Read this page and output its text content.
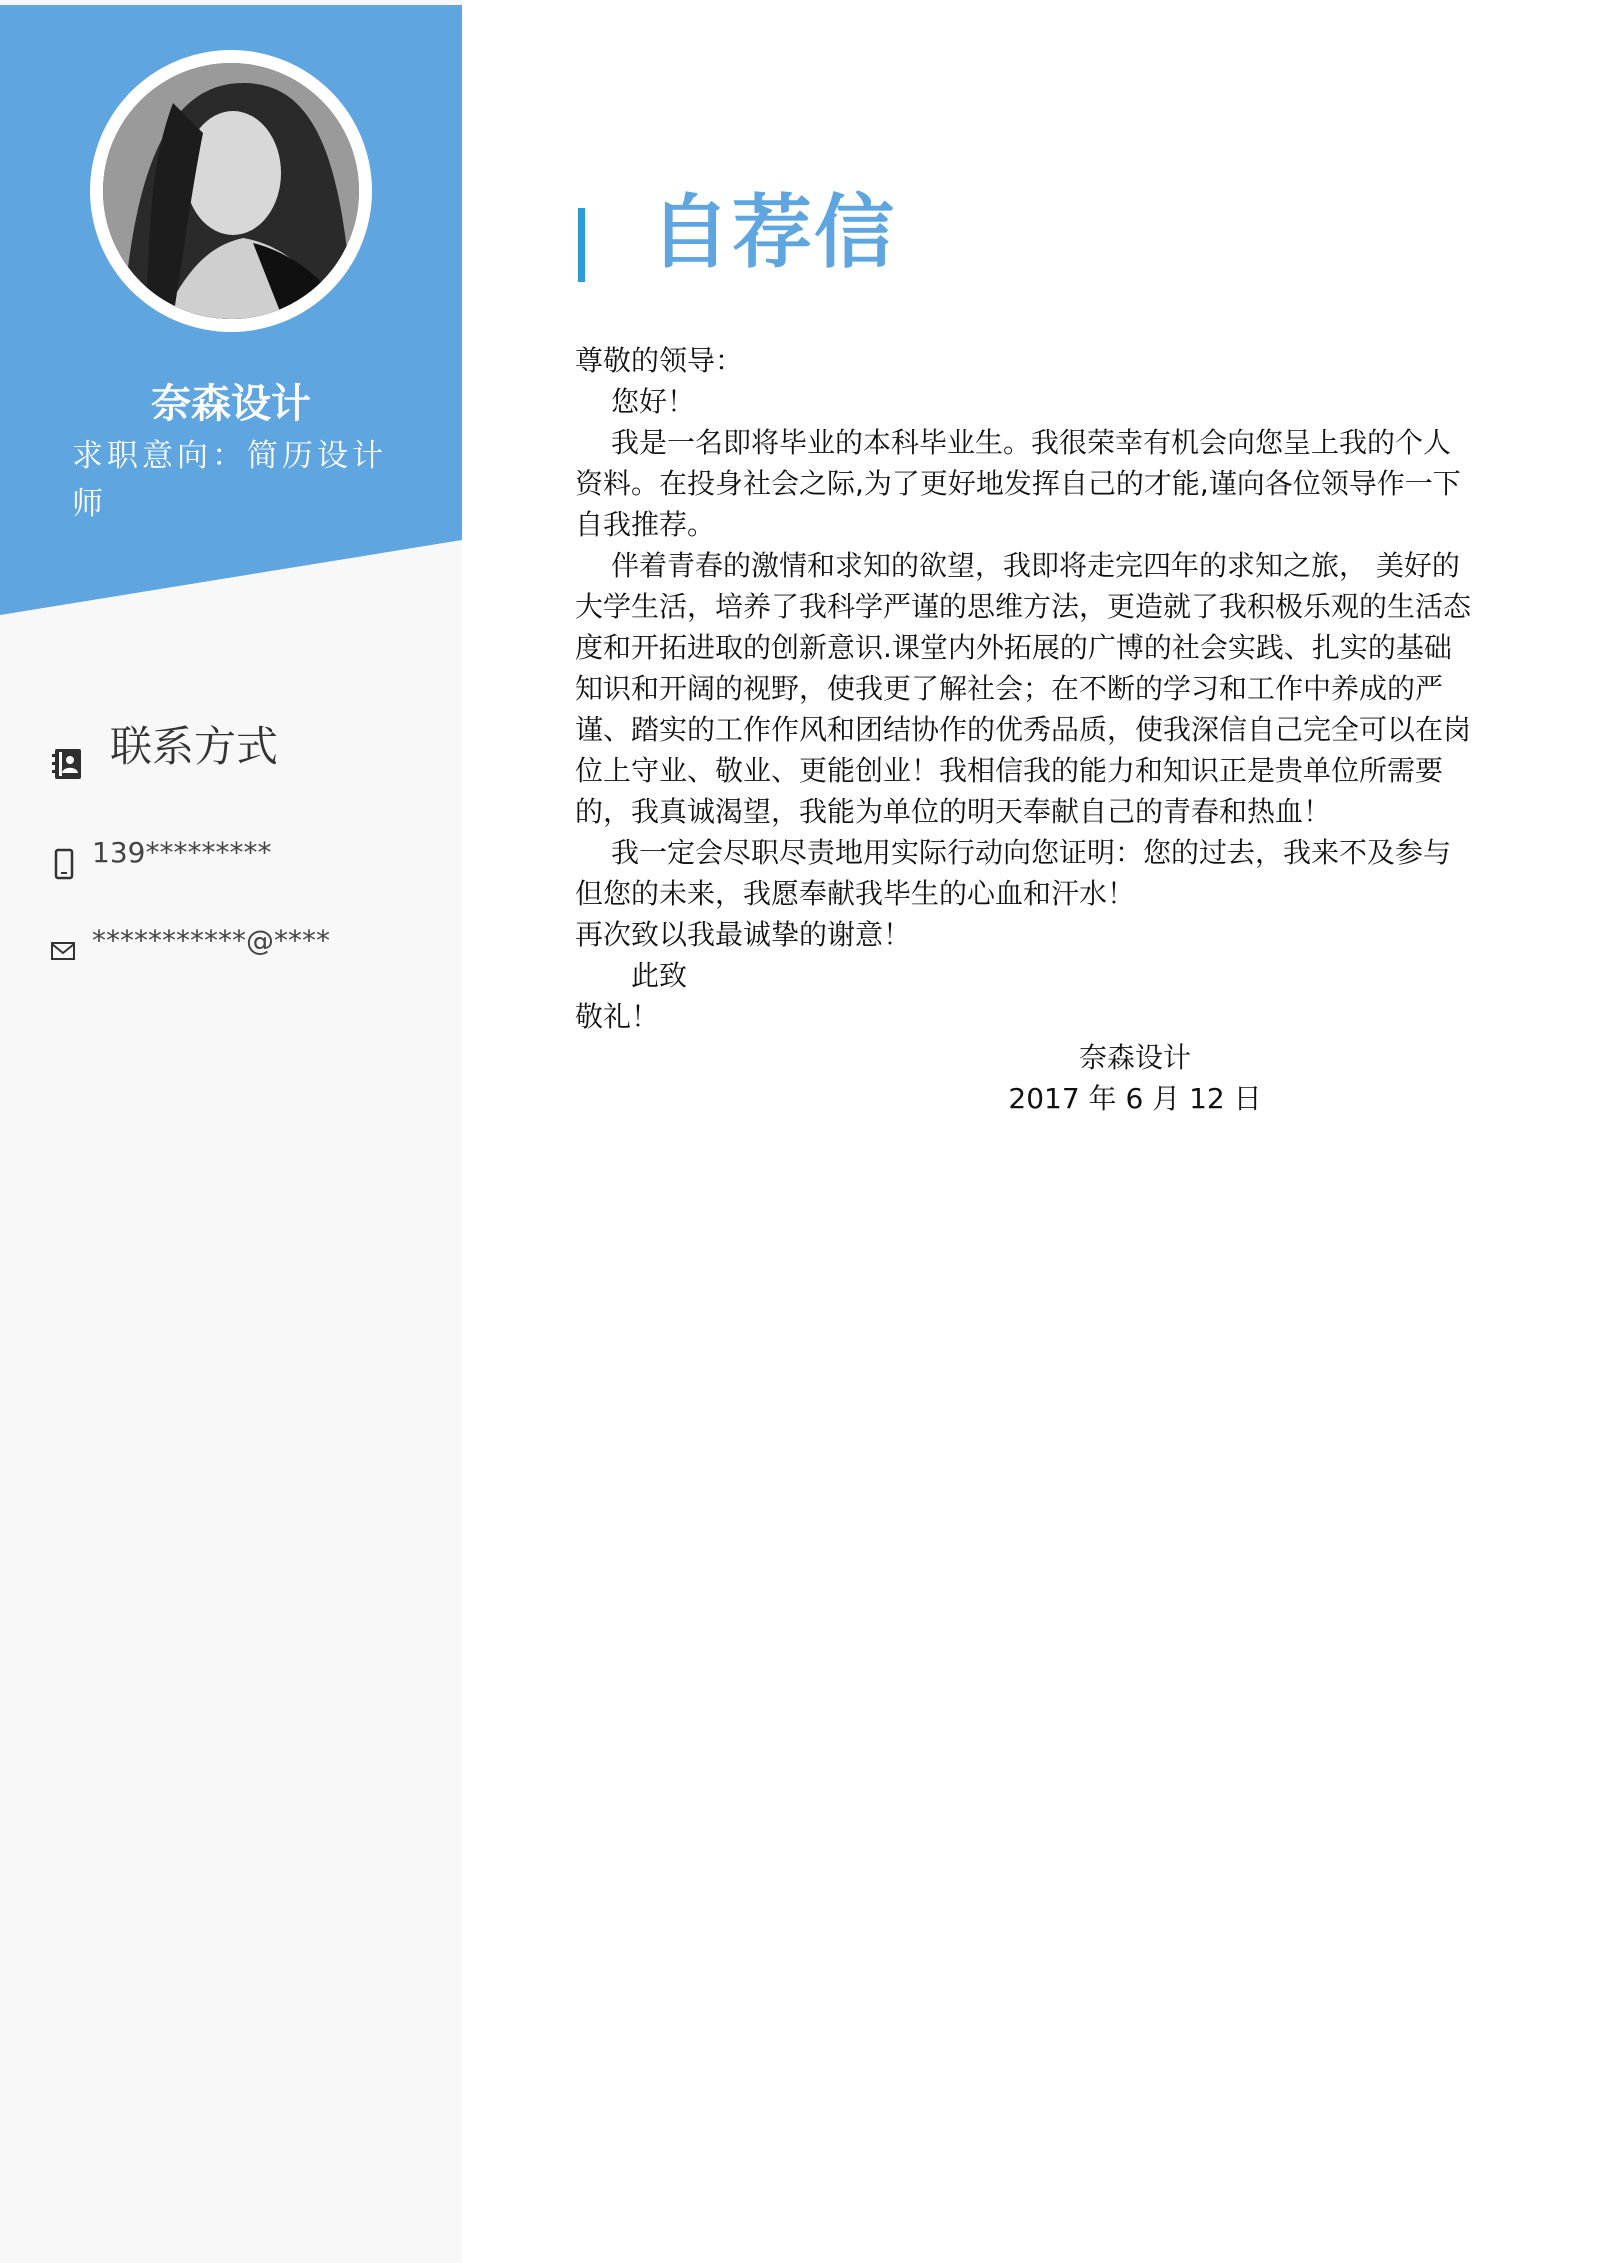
奈森设计
求职意向：简历设计师
联系方式
139*********
***********@****
自荐信

尊敬的领导：

您好！

我是一名即将毕业的本科毕业生。我很荣幸有机会向您呈上我的个人资料。在投身社会之际,为了更好地发挥自己的才能,谨向各位领导作一下自我推荐。

伴着青春的激情和求知的欲望，我即将走完四年的求知之旅， 美好的大学生活，培养了我科学严谨的思维方法，更造就了我积极乐观的生活态度和开拓进取的创新意识.课堂内外拓展的广博的社会实践、扎实的基础知识和开阔的视野，使我更了解社会；在不断的学习和工作中养成的严谨、踏实的工作作风和团结协作的优秀品质，使我深信自己完全可以在岗位上守业、敬业、更能创业！我相信我的能力和知识正是贵单位所需要的，我真诚渴望，我能为单位的明天奉献自己的青春和热血！

我一定会尽职尽责地用实际行动向您证明：您的过去，我来不及参与但您的未来，我愿奉献我毕生的心血和汗水！

再次致以我最诚挚的谢意！

此致

敬礼！

奈森设计

2017 年 6 月 12 日
